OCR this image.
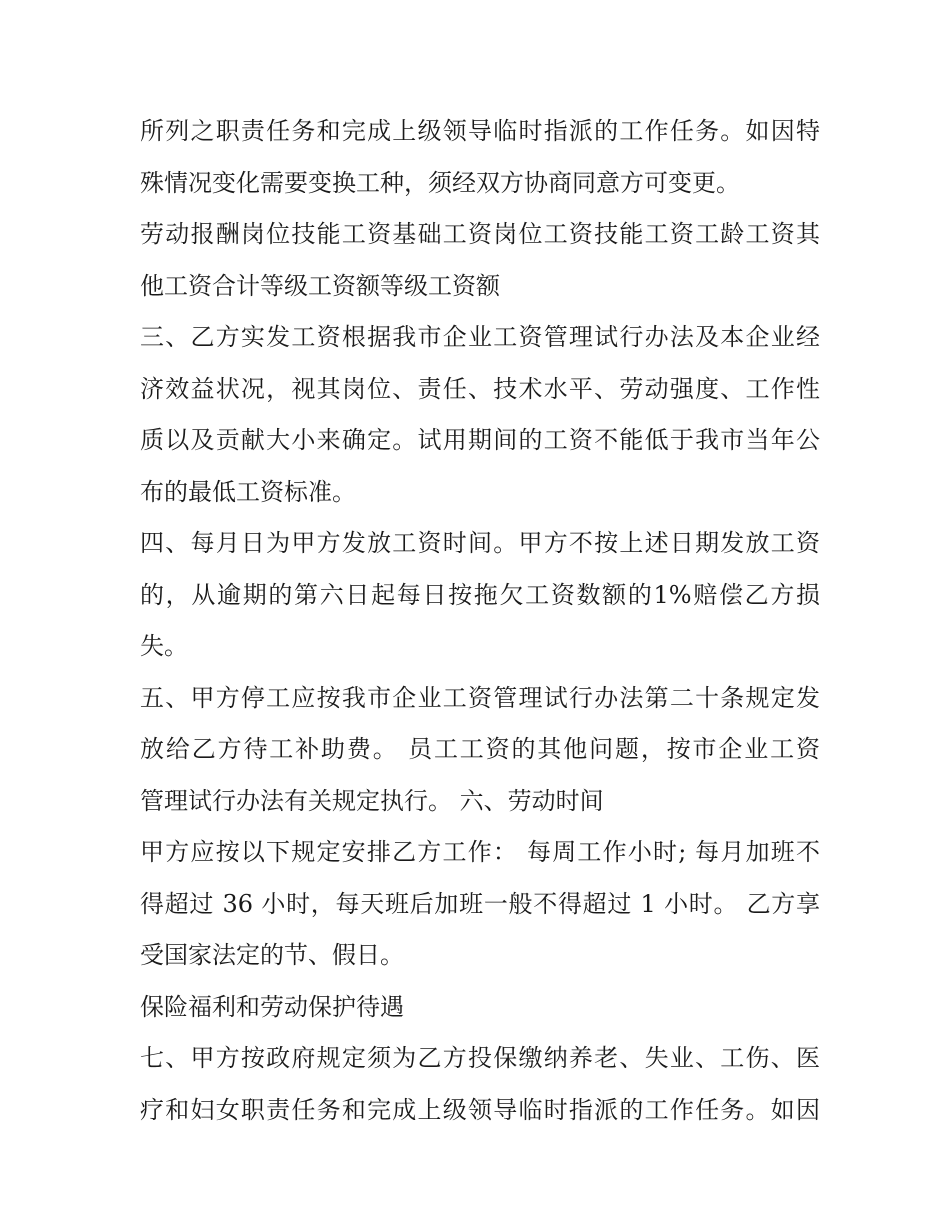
所列之职责任务和完成上级领导临时指派的工作任务。如因特
殊情况变化需要变换工种，须经双方协商同意方可变更。
劳动报酬岗位技能工资基础工资岗位工资技能工资工龄工资其
他工资合计等级工资额等级工资额
三、乙方实发工资根据我市企业工资管理试行办法及本企业经
济效益状况，视其岗位、责任、技术水平、劳动强度、工作性
质以及贡献大小来确定。试用期间的工资不能低于我市当年公
布的最低工资标准。
四、每月日为甲方发放工资时间。甲方不按上述日期发放工资
的，从逾期的第六日起每日按拖欠工资数额的1%赔偿乙方损
失。
五、甲方停工应按我市企业工资管理试行办法第二十条规定发
放给乙方待工补助费。 员工工资的其他问题，按市企业工资
管理试行办法有关规定执行。 六、劳动时间
甲方应按以下规定安排乙方工作： 每周工作小时; 每月加班不
得超过 36 小时，每天班后加班一般不得超过 1 小时。 乙方享
受国家法定的节、假日。
保险福利和劳动保护待遇
七、甲方按政府规定须为乙方投保缴纳养老、失业、工伤、医
疗和妇女职责任务和完成上级领导临时指派的工作任务。如因
